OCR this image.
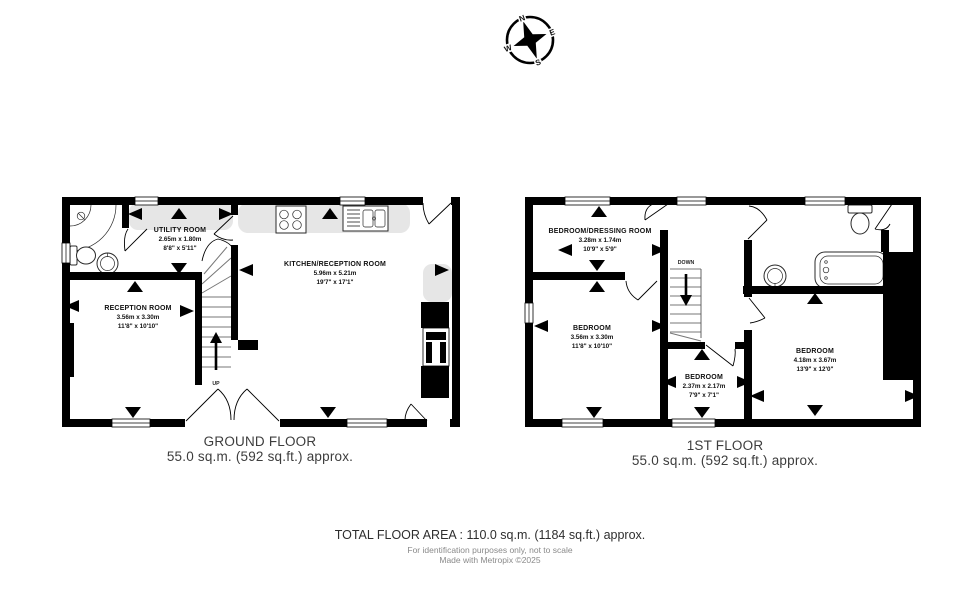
N
E
S
W
UP
UTILITY ROOM
2.65m x 1.80m
8'8" x 5'11"
KITCHEN/RECEPTION ROOM
5.96m x 5.21m
19'7" x 17'1"
RECEPTION ROOM
3.56m x 3.30m
11'8" x 10'10"
DOWN
BEDROOM/DRESSING ROOM
3.28m x 1.74m
10'9" x 5'9"
BEDROOM
3.56m x 3.30m
11'8" x 10'10"
BEDROOM
2.37m x 2.17m
7'9" x 7'1"
BEDROOM
4.18m x 3.67m
13'9" x 12'0"
GROUND FLOOR
55.0 sq.m. (592 sq.ft.) approx.
1ST FLOOR
55.0 sq.m. (592 sq.ft.) approx.
TOTAL FLOOR AREA : 110.0 sq.m. (1184 sq.ft.) approx.
For identification purposes only, not to scale
Made with Metropix ©2025
